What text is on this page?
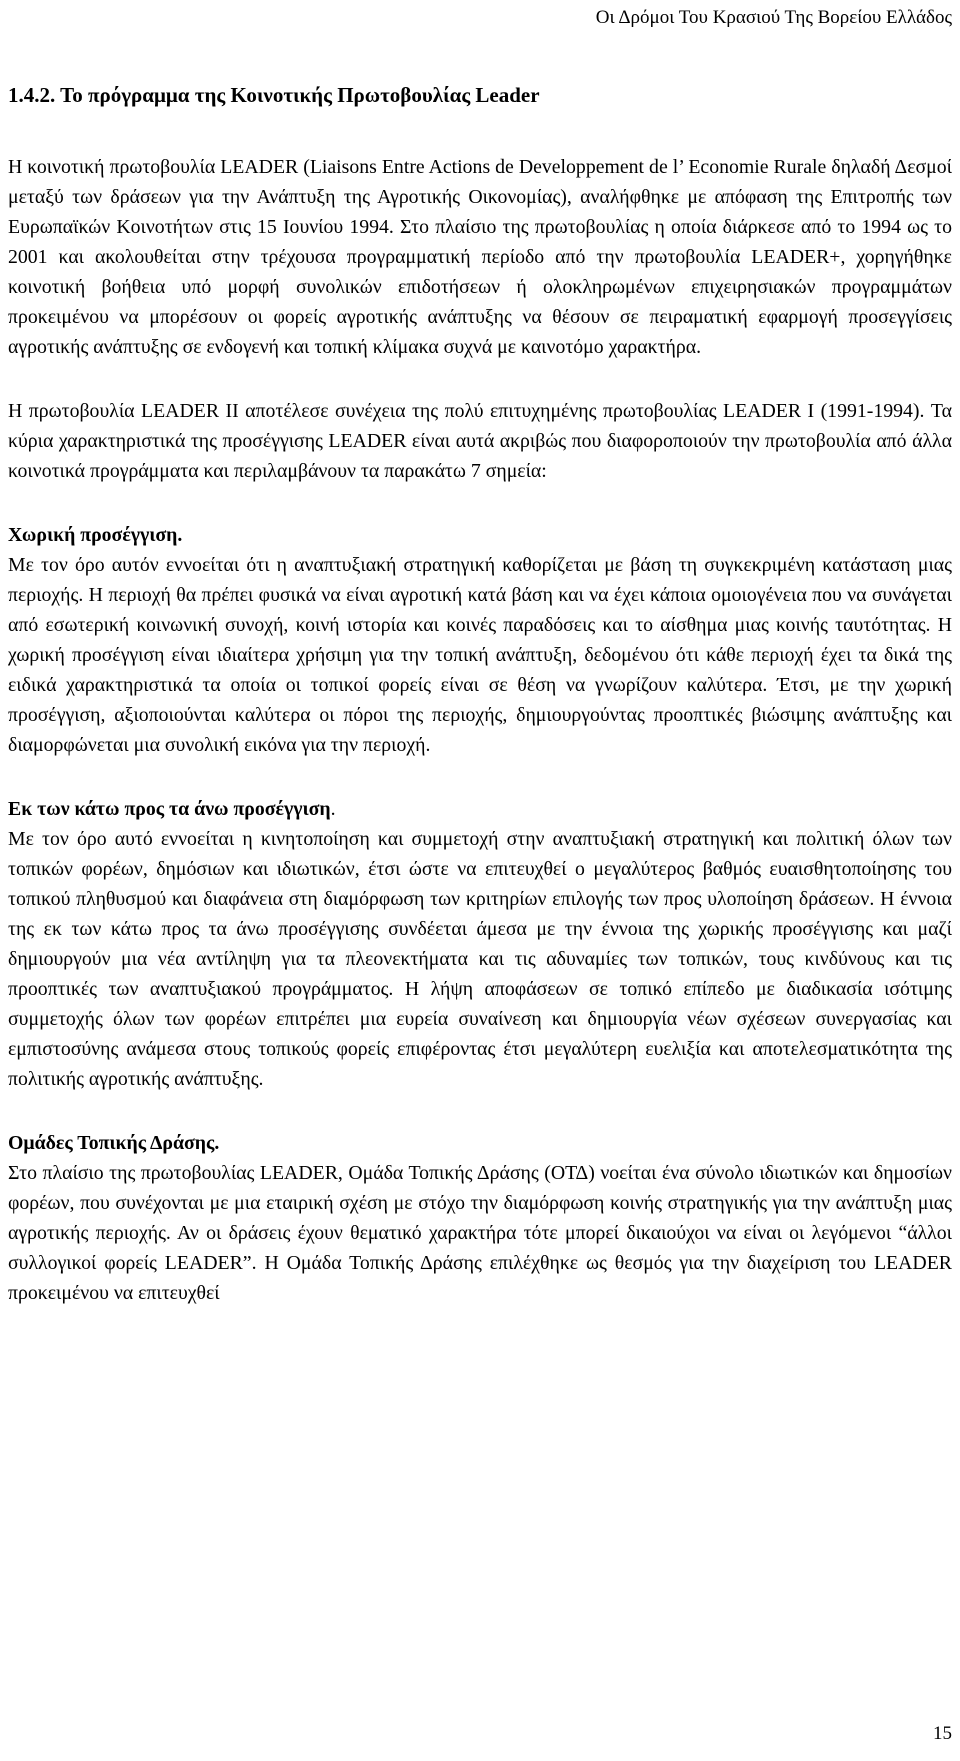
Οι Δρόμοι Του Κρασιού Της Βορείου Ελλάδος
1.4.2. Το πρόγραμμα της Κοινοτικής Πρωτοβουλίας Leader

Η κοινοτική πρωτοβουλία LEADER (Liaisons Entre Actions de Developpement de l’ Economie Rurale δηλαδή Δεσμοί μεταξύ των δράσεων για την Ανάπτυξη της Αγροτικής Οικονομίας), αναλήφθηκε με απόφαση της Επιτροπής των Ευρωπαϊκών Κοινοτήτων στις 15 Ιουνίου 1994. Στο πλαίσιο της πρωτοβουλίας η οποία διάρκεσε από το 1994 ως το 2001 και ακολουθείται στην τρέχουσα προγραμματική περίοδο από την πρωτοβουλία LEADER+, χορηγήθηκε κοινοτική βοήθεια υπό μορφή συνολικών επιδοτήσεων ή ολοκληρωμένων επιχειρησιακών προγραμμάτων προκειμένου να μπορέσουν οι φορείς αγροτικής ανάπτυξης να θέσουν σε πειραματική εφαρμογή προσεγγίσεις αγροτικής ανάπτυξης σε ενδογενή και τοπική κλίμακα συχνά με καινοτόμο χαρακτήρα.

Η πρωτοβουλία LEADER II αποτέλεσε συνέχεια της πολύ επιτυχημένης πρωτοβουλίας LEADER I (1991-1994). Τα κύρια χαρακτηριστικά της προσέγγισης LEADER είναι αυτά ακριβώς που διαφοροποιούν την πρωτοβουλία από άλλα κοινοτικά προγράμματα και περιλαμβάνουν τα παρακάτω 7 σημεία:

Χωρική προσέγγιση.

Με τον όρο αυτόν εννοείται ότι η αναπτυξιακή στρατηγική καθορίζεται με βάση τη συγκεκριμένη κατάσταση μιας περιοχής. Η περιοχή θα πρέπει φυσικά να είναι αγροτική κατά βάση και να έχει κάποια ομοιογένεια που να συνάγεται από εσωτερική κοινωνική συνοχή, κοινή ιστορία και κοινές παραδόσεις και το αίσθημα μιας κοινής ταυτότητας. Η χωρική προσέγγιση είναι ιδιαίτερα χρήσιμη για την τοπική ανάπτυξη, δεδομένου ότι κάθε περιοχή έχει τα δικά της ειδικά χαρακτηριστικά τα οποία οι τοπικοί φορείς είναι σε θέση να γνωρίζουν καλύτερα. Έτσι, με την χωρική προσέγγιση, αξιοποιούνται καλύτερα οι πόροι της περιοχής, δημιουργούντας προοπτικές βιώσιμης ανάπτυξης και διαμορφώνεται μια συνολική εικόνα για την περιοχή.

Εκ των κάτω προς τα άνω προσέγγιση.

Με τον όρο αυτό εννοείται η κινητοποίηση και συμμετοχή στην αναπτυξιακή στρατηγική και πολιτική όλων των τοπικών φορέων, δημόσιων και ιδιωτικών, έτσι ώστε να επιτευχθεί ο μεγαλύτερος βαθμός ευαισθητοποίησης του τοπικού πληθυσμού και διαφάνεια στη διαμόρφωση των κριτηρίων επιλογής των προς υλοποίηση δράσεων. Η έννοια της εκ των κάτω προς τα άνω προσέγγισης συνδέεται άμεσα με την έννοια της χωρικής προσέγγισης και μαζί δημιουργούν μια νέα αντίληψη για τα πλεονεκτήματα και τις αδυναμίες των τοπικών, τους κινδύνους και τις προοπτικές των αναπτυξιακού προγράμματος. Η λήψη αποφάσεων σε τοπικό επίπεδο με διαδικασία ισότιμης συμμετοχής όλων των φορέων επιτρέπει μια ευρεία συναίνεση και δημιουργία νέων σχέσεων συνεργασίας και εμπιστοσύνης ανάμεσα στους τοπικούς φορείς επιφέροντας έτσι μεγαλύτερη ευελιξία και αποτελεσματικότητα της πολιτικής αγροτικής ανάπτυξης.

Ομάδες Τοπικής Δράσης.

Στο πλαίσιο της πρωτοβουλίας LEADER, Ομάδα Τοπικής Δράσης (ΟΤΔ) νοείται ένα σύνολο ιδιωτικών και δημοσίων φορέων, που συνέχονται με μια εταιρική σχέση με στόχο την διαμόρφωση κοινής στρατηγικής για την ανάπτυξη μιας αγροτικής περιοχής. Αν οι δράσεις έχουν θεματικό χαρακτήρα τότε μπορεί δικαιούχοι να είναι οι λεγόμενοι “άλλοι συλλογικοί φορείς LEADER”. Η Ομάδα Τοπικής Δράσης επιλέχθηκε ως θεσμός για την διαχείριση του LEADER προκειμένου να επιτευχθεί

15
